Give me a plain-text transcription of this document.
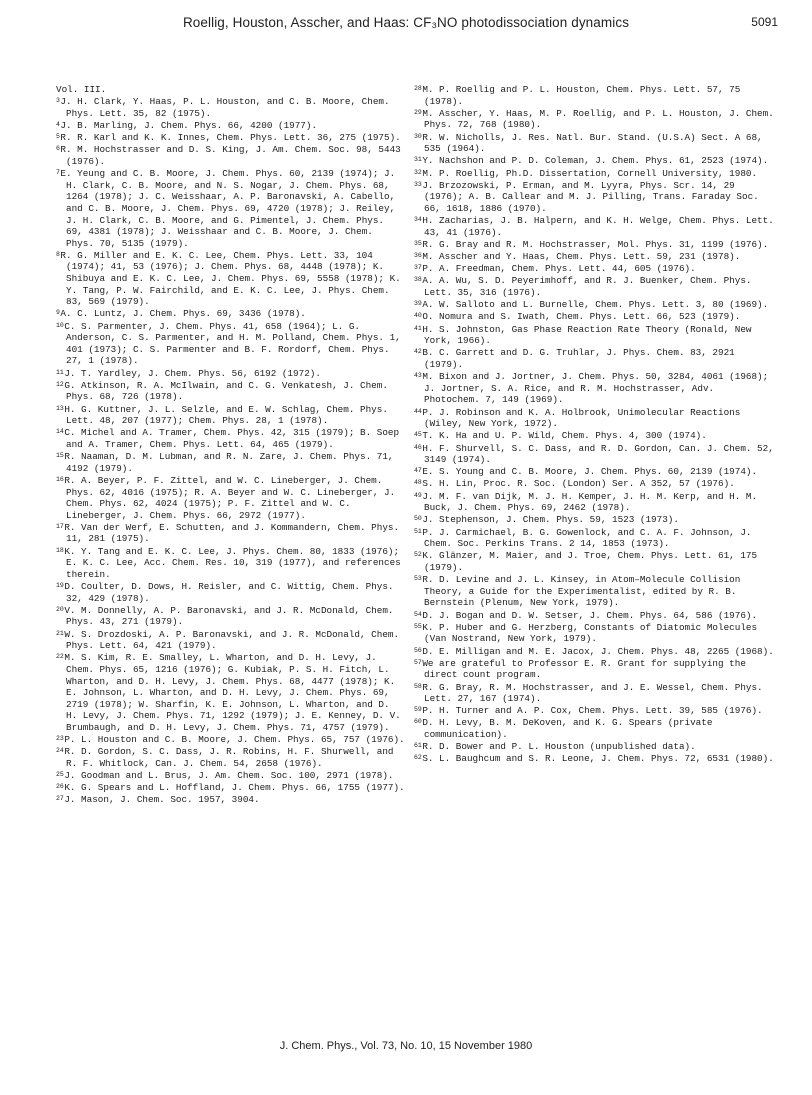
Roellig, Houston, Asscher, and Haas: CF₃NO photodissociation dynamics	5091

Vol. III.

$^3$J. H. Clark, Y. Haas, P. L. Houston, and C. B. Moore, Chem. Phys. Lett. 35, 82 (1975).

$^4$J. B. Marling, J. Chem. Phys. 66, 4200 (1977).

$^5$R. R. Karl and K. K. Innes, Chem. Phys. Lett. 36, 275 (1975).

$^6$R. M. Hochstrasser and D. S. King, J. Am. Chem. Soc. 98, 5443 (1976).

$^7$E. Yeung and C. B. Moore, J. Chem. Phys. 60, 2139 (1974); J. H. Clark, C. B. Moore, and N. S. Nogar, J. Chem. Phys. 68, 1264 (1978); J. C. Weisshaar, A. P. Baronavski, A. Cabello, and C. B. Moore, J. Chem. Phys. 69, 4720 (1978); J. Reiley, J. H. Clark, C. B. Moore, and G. Pimentel, J. Chem. Phys. 69, 4381 (1978); J. Weisshaar and C. B. Moore, J. Chem. Phys. 70, 5135 (1979).

$^8$R. G. Miller and E. K. C. Lee, Chem. Phys. Lett. 33, 104 (1974); 41, 53 (1976); J. Chem. Phys. 68, 4448 (1978); K. Shibuya and E. K. C. Lee, J. Chem. Phys. 69, 5558 (1978); K. Y. Tang, P. W. Fairchild, and E. K. C. Lee, J. Phys. Chem. 83, 569 (1979).

$^9$A. C. Luntz, J. Chem. Phys. 69, 3436 (1978).

$^{10}$C. S. Parmenter, J. Chem. Phys. 41, 658 (1964); L. G. Anderson, C. S. Parmenter, and H. M. Polland, Chem. Phys. 1, 401 (1973); C. S. Parmenter and B. F. Rordorf, Chem. Phys. 27, 1 (1978).

$^{11}$J. T. Yardley, J. Chem. Phys. 56, 6192 (1972).

$^{12}$G. Atkinson, R. A. McIlwain, and C. G. Venkatesh, J. Chem. Phys. 68, 726 (1978).

$^{13}$H. G. Kuttner, J. L. Selzle, and E. W. Schlag, Chem. Phys. Lett. 48, 207 (1977); Chem. Phys. 28, 1 (1978).

$^{14}$C. Michel and A. Tramer, Chem. Phys. 42, 315 (1979); B. Soep and A. Tramer, Chem. Phys. Lett. 64, 465 (1979).

$^{15}$R. Naaman, D. M. Lubman, and R. N. Zare, J. Chem. Phys. 71, 4192 (1979).

$^{16}$R. A. Beyer, P. F. Zittel, and W. C. Lineberger, J. Chem. Phys. 62, 4016 (1975); R. A. Beyer and W. C. Lineberger, J. Chem. Phys. 62, 4024 (1975); P. F. Zittel and W. C. Lineberger, J. Chem. Phys. 66, 2972 (1977).

$^{17}$R. Van der Werf, E. Schutten, and J. Kommandern, Chem. Phys. 11, 281 (1975).

$^{18}$K. Y. Tang and E. K. C. Lee, J. Phys. Chem. 80, 1833 (1976); E. K. C. Lee, Acc. Chem. Res. 10, 319 (1977), and references therein.

$^{19}$D. Coulter, D. Dows, H. Reisler, and C. Wittig, Chem. Phys. 32, 429 (1978).

$^{20}$V. M. Donnelly, A. P. Baronavski, and J. R. McDonald, Chem. Phys. 43, 271 (1979).

$^{21}$W. S. Drozdoski, A. P. Baronavski, and J. R. McDonald, Chem. Phys. Lett. 64, 421 (1979).

$^{22}$M. S. Kim, R. E. Smalley, L. Wharton, and D. H. Levy, J. Chem. Phys. 65, 1216 (1976); G. Kubiak, P. S. H. Fitch, L. Wharton, and D. H. Levy, J. Chem. Phys. 68, 4477 (1978); K. E. Johnson, L. Wharton, and D. H. Levy, J. Chem. Phys. 69, 2719 (1978); W. Sharfin, K. E. Johnson, L. Wharton, and D. H. Levy, J. Chem. Phys. 71, 1292 (1979); J. E. Kenney, D. V. Brumbaugh, and D. H. Levy, J. Chem. Phys. 71, 4757 (1979).

$^{23}$P. L. Houston and C. B. Moore, J. Chem. Phys. 65, 757 (1976).

$^{24}$R. D. Gordon, S. C. Dass, J. R. Robins, H. F. Shurwell, and R. F. Whitlock, Can. J. Chem. 54, 2658 (1976).

$^{25}$J. Goodman and L. Brus, J. Am. Chem. Soc. 100, 2971 (1978).

$^{26}$K. G. Spears and L. Hoffland, J. Chem. Phys. 66, 1755 (1977).

$^{27}$J. Mason, J. Chem. Soc. 1957, 3904.

$^{28}$M. P. Roellig and P. L. Houston, Chem. Phys. Lett. 57, 75 (1978).

$^{29}$M. Asscher, Y. Haas, M. P. Roellig, and P. L. Houston, J. Chem. Phys. 72, 768 (1980).

$^{30}$R. W. Nicholls, J. Res. Natl. Bur. Stand. (U.S.A) Sect. A 68, 535 (1964).

$^{31}$Y. Nachshon and P. D. Coleman, J. Chem. Phys. 61, 2523 (1974).

$^{32}$M. P. Roellig, Ph.D. Dissertation, Cornell University, 1980.

$^{33}$J. Brzozowski, P. Erman, and M. Lyyra, Phys. Scr. 14, 29 (1976); A. B. Callear and M. J. Pilling, Trans. Faraday Soc. 66, 1618, 1886 (1970).

$^{34}$H. Zacharias, J. B. Halpern, and K. H. Welge, Chem. Phys. Lett. 43, 41 (1976).

$^{35}$R. G. Bray and R. M. Hochstrasser, Mol. Phys. 31, 1199 (1976).

$^{36}$M. Asscher and Y. Haas, Chem. Phys. Lett. 59, 231 (1978).

$^{37}$P. A. Freedman, Chem. Phys. Lett. 44, 605 (1976).

$^{38}$A. A. Wu, S. D. Peyerimhoff, and R. J. Buenker, Chem. Phys. Lett. 35, 316 (1976).

$^{39}$A. W. Salloto and L. Burnelle, Chem. Phys. Lett. 3, 80 (1969).

$^{40}$O. Nomura and S. Iwath, Chem. Phys. Lett. 66, 523 (1979).

$^{41}$H. S. Johnston, Gas Phase Reaction Rate Theory (Ronald, New York, 1966).

$^{42}$B. C. Garrett and D. G. Truhlar, J. Phys. Chem. 83, 2921 (1979).

$^{43}$M. Bixon and J. Jortner, J. Chem. Phys. 50, 3284, 4061 (1968); J. Jortner, S. A. Rice, and R. M. Hochstrasser, Adv. Photochem. 7, 149 (1969).

$^{44}$P. J. Robinson and K. A. Holbrook, Unimolecular Reactions (Wiley, New York, 1972).

$^{45}$T. K. Ha and U. P. Wild, Chem. Phys. 4, 300 (1974).

$^{46}$H. F. Shurvell, S. C. Dass, and R. D. Gordon, Can. J. Chem. 52, 3149 (1974).

$^{47}$E. S. Young and C. B. Moore, J. Chem. Phys. 60, 2139 (1974).

$^{48}$S. H. Lin, Proc. R. Soc. (London) Ser. A 352, 57 (1976).

$^{49}$J. M. F. van Dijk, M. J. H. Kemper, J. H. M. Kerp, and H. M. Buck, J. Chem. Phys. 69, 2462 (1978).

$^{50}$J. Stephenson, J. Chem. Phys. 59, 1523 (1973).

$^{51}$P. J. Carmichael, B. G. Gowenlock, and C. A. F. Johnson, J. Chem. Soc. Perkins Trans. 2 14, 1853 (1973).

$^{52}$K. Glänzer, M. Maier, and J. Troe, Chem. Phys. Lett. 61, 175 (1979).

$^{53}$R. D. Levine and J. L. Kinsey, in Atom–Molecule Collision Theory, a Guide for the Experimentalist, edited by R. B. Bernstein (Plenum, New York, 1979).

$^{54}$D. J. Bogan and D. W. Setser, J. Chem. Phys. 64, 586 (1976).

$^{55}$K. P. Huber and G. Herzberg, Constants of Diatomic Molecules (Van Nostrand, New York, 1979).

$^{56}$D. E. Milligan and M. E. Jacox, J. Chem. Phys. 48, 2265 (1968).

$^{57}$We are grateful to Professor E. R. Grant for supplying the direct count program.

$^{58}$R. G. Bray, R. M. Hochstrasser, and J. E. Wessel, Chem. Phys. Lett. 27, 167 (1974).

$^{59}$P. H. Turner and A. P. Cox, Chem. Phys. Lett. 39, 585 (1976).

$^{60}$D. H. Levy, B. M. DeKoven, and K. G. Spears (private communication).

$^{61}$R. D. Bower and P. L. Houston (unpublished data).

$^{62}$S. L. Baughcum and S. R. Leone, J. Chem. Phys. 72, 6531 (1980).

J. Chem. Phys., Vol. 73, No. 10, 15 November 1980
